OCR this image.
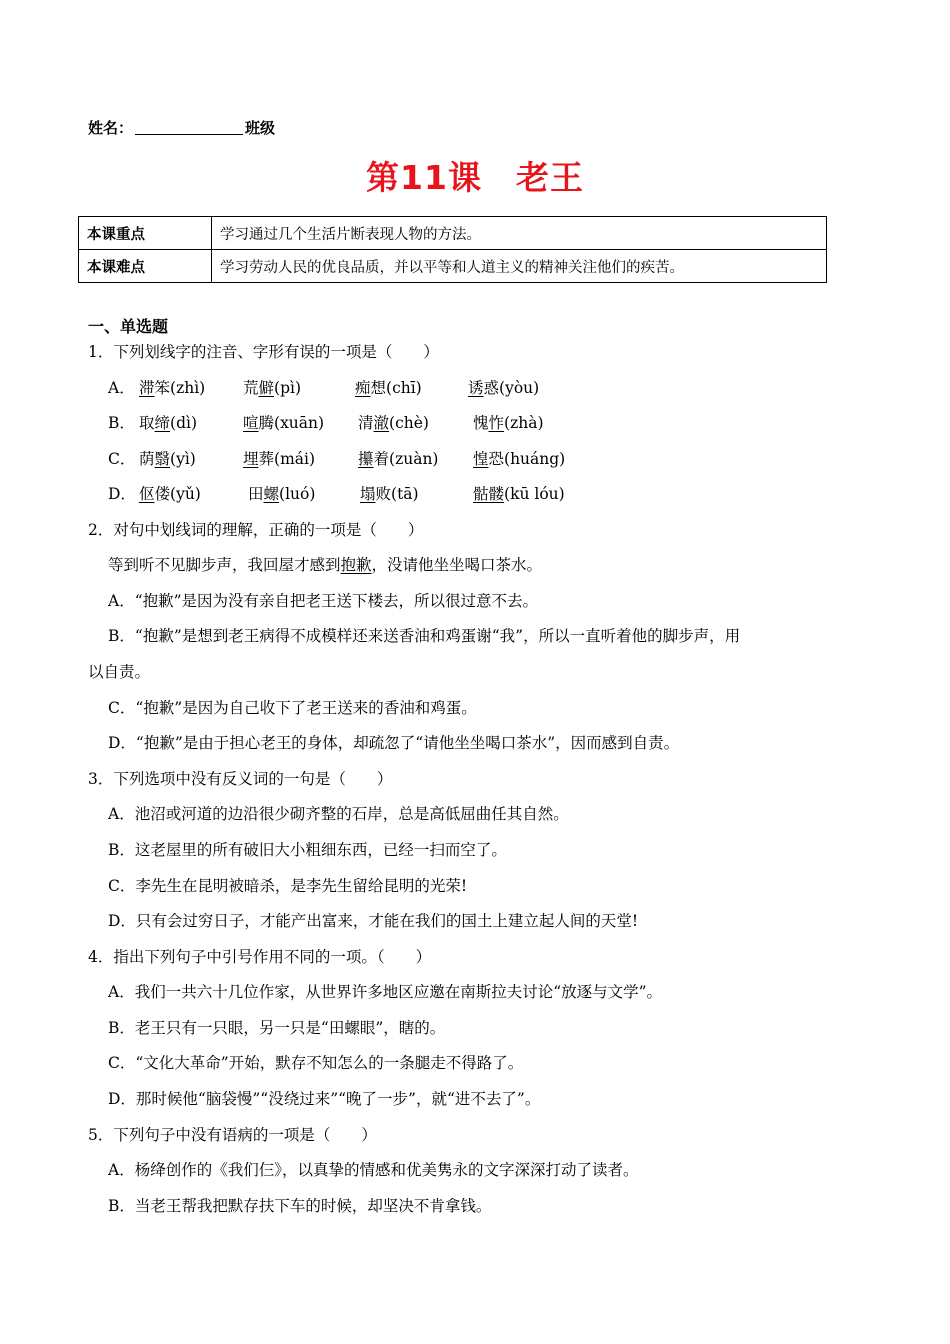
姓名：	班级
第11课　老王
本课重点	学习通过几个生活片断表现人物的方法。
本课难点	学习劳动人民的优良品质，并以平等和人道主义的精神关注他们的疾苦。
一、单选题
1．下列划线字的注音、字形有误的一项是（　　）
A． 滞笨(zhì) 荒僻(pì)	痴想(chī)	诱惑(yòu)
B． 取缔(dì)	喧腾(xuān) 清澈(chè)	愧怍(zhà)
C． 荫翳(yì)	埋葬(mái)	攥着(zuàn) 惶恐(huáng)
D． 伛偻(yǔ)	田螺(luó)	塌败(tā)	骷髅(kū lóu)
2．对句中划线词的理解，正确的一项是（　　）
等到听不见脚步声，我回屋才感到抱歉，没请他坐坐喝口茶水。
A．“抱歉”是因为没有亲自把老王送下楼去，所以很过意不去。
B．“抱歉”是想到老王病得不成模样还来送香油和鸡蛋谢“我”，所以一直听着他的脚步声，用
以自责。
C．“抱歉”是因为自己收下了老王送来的香油和鸡蛋。
D．“抱歉”是由于担心老王的身体，却疏忽了“请他坐坐喝口茶水”，因而感到自责。
3．下列选项中没有反义词的一句是（　　）
A．池沼或河道的边沿很少砌齐整的石岸，总是高低屈曲任其自然。
B．这老屋里的所有破旧大小粗细东西，已经一扫而空了。
C．李先生在昆明被暗杀，是李先生留给昆明的光荣!
D．只有会过穷日子，才能产出富来，才能在我们的国土上建立起人间的天堂!
4．指出下列句子中引号作用不同的一项。（　　）
A．我们一共六十几位作家，从世界许多地区应邀在南斯拉夫讨论“放逐与文学”。
B．老王只有一只眼，另一只是“田螺眼”，瞎的。
C．“文化大革命”开始，默存不知怎么的一条腿走不得路了。
D．那时候他“脑袋慢”“没绕过来”“晚了一步”，就“进不去了”。
5．下列句子中没有语病的一项是（　　）
A．杨绛创作的《我们仨》，以真挚的情感和优美隽永的文字深深打动了读者。
B．当老王帮我把默存扶下车的时候，却坚决不肯拿钱。
